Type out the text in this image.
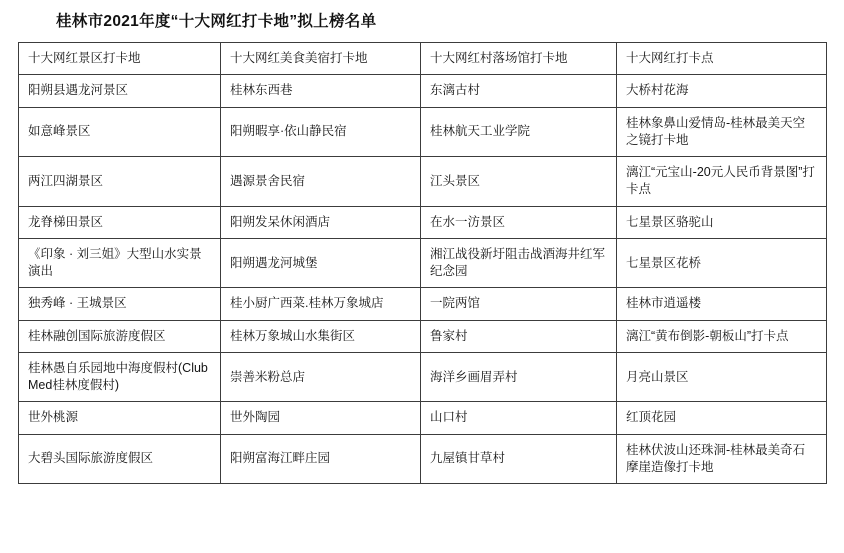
桂林市2021年度“十大网红打卡地”拟上榜名单
十大网红景区打卡地	十大网红美食美宿打卡地	十大网红村落场馆打卡地	十大网红打卡点
阳朔县遇龙河景区	桂林东西巷	东漓古村	大桥村花海
如意峰景区	阳朔暇享·依山静民宿	桂林航天工业学院	桂林象鼻山爱情岛-桂林最美天空之镜打卡地
两江四湖景区	遇源景舍民宿	江头景区	漓江“元宝山-20元人民币背景图”打卡点
龙脊梯田景区	阳朔发呆休闲酒店	在水一汸景区	七星景区骆驼山
《印象 · 刘三姐》大型山水实景演出	阳朔遇龙河城堡	湘江战役新圩阻击战酒海井红军纪念园	七星景区花桥
独秀峰 · 王城景区	桂小厨广西菜.桂林万象城店	一院两馆	桂林市逍遥楼
桂林融创国际旅游度假区	桂林万象城山水集街区	鲁家村	漓江“黄布倒影-朝板山”打卡点
桂林愚自乐园地中海度假村(ClubMed桂林度假村)	崇善米粉总店	海洋乡画眉弄村	月亮山景区
世外桃源	世外陶园	山口村	红顶花园
大碧头国际旅游度假区	阳朔富海江畔庄园	九屋镇甘草村	桂林伏波山还珠洞-桂林最美奇石摩崖造像打卡地
